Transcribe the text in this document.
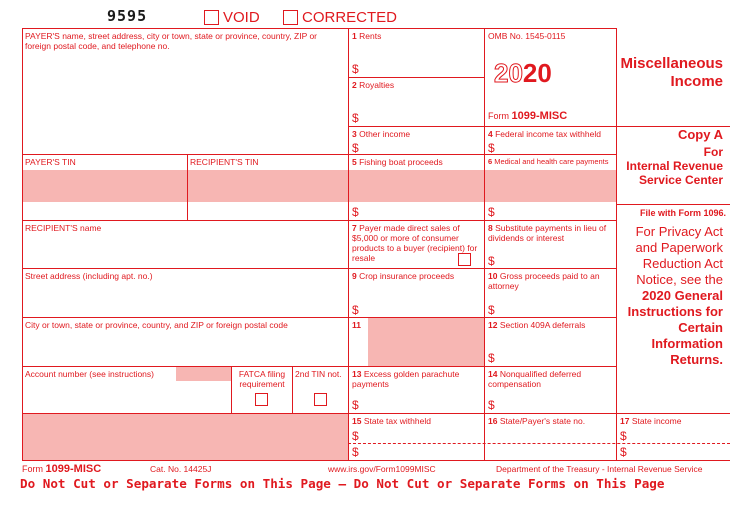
9595	VOID	CORRECTED
PAYER'S name, street address, city or town, state or province, country, ZIP or foreign postal code, and telephone no.
PAYER'S TIN	RECIPIENT'S TIN
RECIPIENT'S name
Street address (including apt. no.)
City or town, state or province, country, and ZIP or foreign postal code
Account number (see instructions)	FATCA filing requirement
2nd TIN not.
1 Rents
$
2 Royalties
$
OMB No. 1545-0115
2020
Form 1099-MISC
3 Other income
$
4 Federal income tax withheld
$
5 Fishing boat proceeds
$
6 Medical and health care payments
$
7 Payer made direct sales of $5,000 or more of consumer products to a buyer (recipient) for resale
8 Substitute payments in lieu of dividends or interest
$
9 Crop insurance proceeds
$
10 Gross proceeds paid to an attorney
$
11	12 Section 409A deferrals
$
13 Excess golden parachute payments
$
14 Nonqualified deferred compensation
$
15 State tax withheld
$
$
16 State/Payer's state no.	17 State income
$
$
Miscellaneous
Income
Copy A
For
Internal Revenue
Service Center
File with Form 1096.
For Privacy Act
and Paperwork
Reduction Act
Notice, see the
2020 General
Instructions for
Certain
Information
Returns.
Form 1099-MISC	Cat. No. 14425J	www.irs.gov/Form1099MISC	Department of the Treasury - Internal Revenue Service
Do Not Cut or Separate Forms on This Page — Do Not Cut or Separate Forms on This Page
